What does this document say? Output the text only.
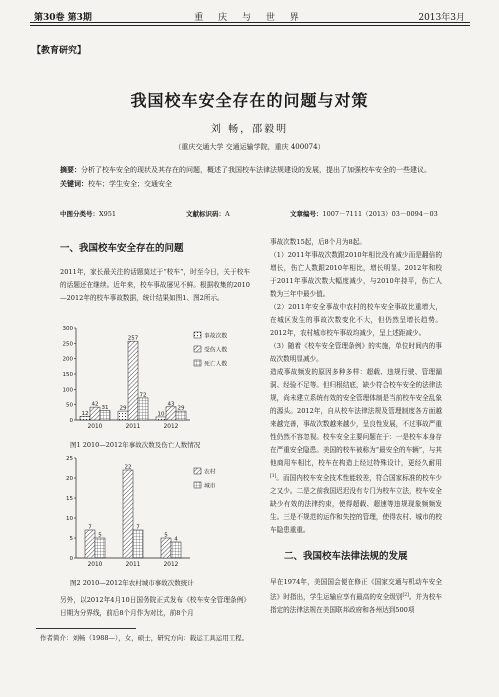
第30卷 第3期	重 庆 与 世 界	2013年3月
【教育研究】
我国校车安全存在的问题与对策
刘 畅，邵毅明
（重庆交通大学 交通运输学院，重庆 400074）
摘要：分析了校车安全的现状及其存在的问题，概述了我国校车法律法规建设的发展，提出了加强校车安全的一些建议。
关键词：校车；学生安全；交通安全
中图分类号：X951	文献标识码：A	文章编号：1007－7111（2013）03－0094－03
一、我国校车安全存在的问题
2011年，家长最关注的话题莫过于“校车”，时至今日，关于校车的话题还在继续。近年来，校车事故屡见不鲜。根据收集的2010—2012年的校车事故数据，统计结果如图1、图2所示。
0
50
100
150
200
250
300
12
42
31
2010
29
257
72
2011
10
43
29
2012
事故次数
受伤人数
死亡人数
图1 2010—2012年事故次数及伤亡人数情况
0
5
10
15
20
25
7
5
2010
22
7
2011
5
4
2012
农村
城市
图2 2010—2012年农村城市事故次数统计
另外，以2012年4月10日国务院正式发布《校车安全管理条例》日期为分界线，前后8个月作为对比，前8个月
事故次数15起，后8个月为8起。
（1）2011年事故次数跟2010年相比没有减少而是翻倍的增长，伤亡人数跟2010年相比，增长明显。2012年和校于2011年事故次数大幅度减少，与2010年持平，伤亡人数为三年中最少值。
（2）2011年安全事故中农村的校车安全事故比重增大，在城区发生的事故次数变化不大，但仍然呈增长趋势。2012年，农村城市校车事故均减少，呈上述距减少。
（3）随着《校车安全管理条例》的实施，单位时间内的事故次数明显减少。
造成事故频发的原因多种多样：超载、违规行驶、管理漏洞、经验不足等。但归根结底，缺少符合校车安全的法律法规，尚未建立系统有效的安全管理体制是当前校车安全乱象的源头。2012年，自从校车法律法规及管理制度各方面越来越完善，事故次数越来越少，呈良性发展，不过事故严重性仍然不容忽视。校车安全主要问题在于：一是校车本身存在严重安全隐患。美国的校车被称为“最安全的车辆”，与其他商用车相比，校车在构造上经过特殊设计，更经久耐用[1]。而国内校车安全技术性能较差，符合国家标准的校车少之又少。二是之前我国迟迟没有专门为校车立法，校车安全缺少有效的法律约束，使得超载、超速等违规现象频频发生。三是不规范的运作和失控的管理，使得农村、城市的校车隐患重重。
二、我国校车法律法规的发展
早在1974年，美国国会便在修正《国家交通与机动车安全法》时指出，学生运输应享有最高的安全级别[2]。并为校车指定的法律法规在美国联邦政府和各州达到500项
作者简介：刘畅（1988—），女，硕士，研究方向：载运工具运用工程。
